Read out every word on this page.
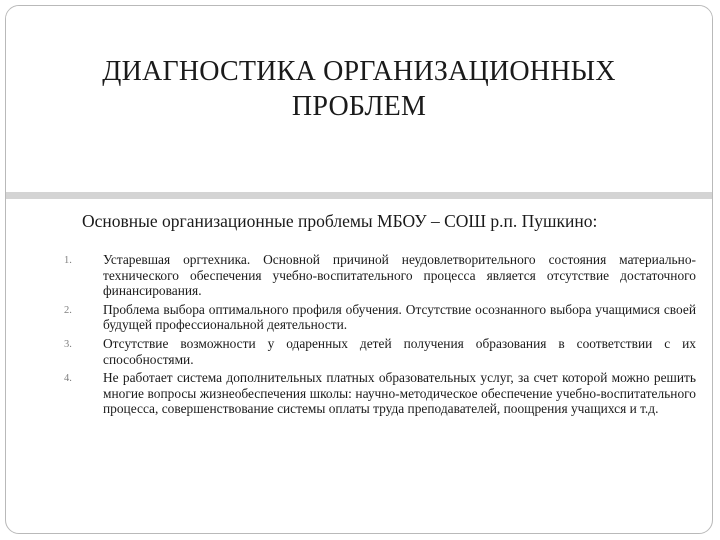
ДИАГНОСТИКА ОРГАНИЗАЦИОННЫХ ПРОБЛЕМ
Основные организационные проблемы МБОУ – СОШ р.п. Пушкино:
1. Устаревшая оргтехника. Основной причиной неудовлетворительного состояния материально-технического обеспечения учебно-воспитательного процесса является отсутствие достаточного финансирования.
2. Проблема выбора оптимального профиля обучения. Отсутствие осознанного выбора учащимися своей будущей профессиональной деятельности.
3. Отсутствие возможности у одаренных детей получения образования в соответствии с их способностями.
4. Не работает система дополнительных платных образовательных услуг, за счет которой можно решить многие вопросы жизнеобеспечения школы: научно-методическое обеспечение учебно-воспитательного процесса, совершенствование системы оплаты труда преподавателей, поощрения учащихся и т.д.
